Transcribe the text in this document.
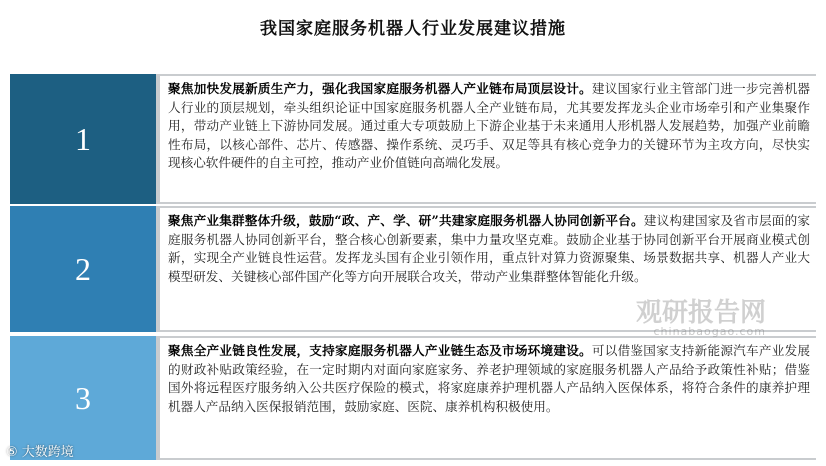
我国家庭服务机器人行业发展建议措施
1
聚焦加快发展新质生产力，强化我国家庭服务机器人产业链布局顶层设计。建议国家行业主管部门进一步完善机器人行业的顶层规划，牵头组织论证中国家庭服务机器人全产业链布局，尤其要发挥龙头企业市场牵引和产业集聚作用，带动产业链上下游协同发展。通过重大专项鼓励上下游企业基于未来通用人形机器人发展趋势，加强产业前瞻性布局，以核心部件、芯片、传感器、操作系统、灵巧手、双足等具有核心竞争力的关键环节为主攻方向，尽快实现核心软件硬件的自主可控，推动产业价值链向高端化发展。
2
聚焦产业集群整体升级，鼓励“政、产、学、研”共建家庭服务机器人协同创新平台。建议构建国家及省市层面的家庭服务机器人协同创新平台，整合核心创新要素，集中力量攻坚克难。鼓励企业基于协同创新平台开展商业模式创新，实现全产业链良性运营。发挥龙头国有企业引领作用，重点针对算力资源聚集、场景数据共享、机器人产业大模型研发、关键核心部件国产化等方向开展联合攻关，带动产业集群整体智能化升级。
3
聚焦全产业链良性发展，支持家庭服务机器人产业链生态及市场环境建设。可以借鉴国家支持新能源汽车产业发展的财政补贴政策经验，在一定时期内对面向家庭家务、养老护理领域的家庭服务机器人产品给予政策性补贴；借鉴国外将远程医疗服务纳入公共医疗保险的模式，将家庭康养护理机器人产品纳入医保体系，将符合条件的康养护理机器人产品纳入医保报销范围，鼓励家庭、医院、康养机构积极使用。
观研报告网
chinabaogao.com
⑤ 大数跨境
